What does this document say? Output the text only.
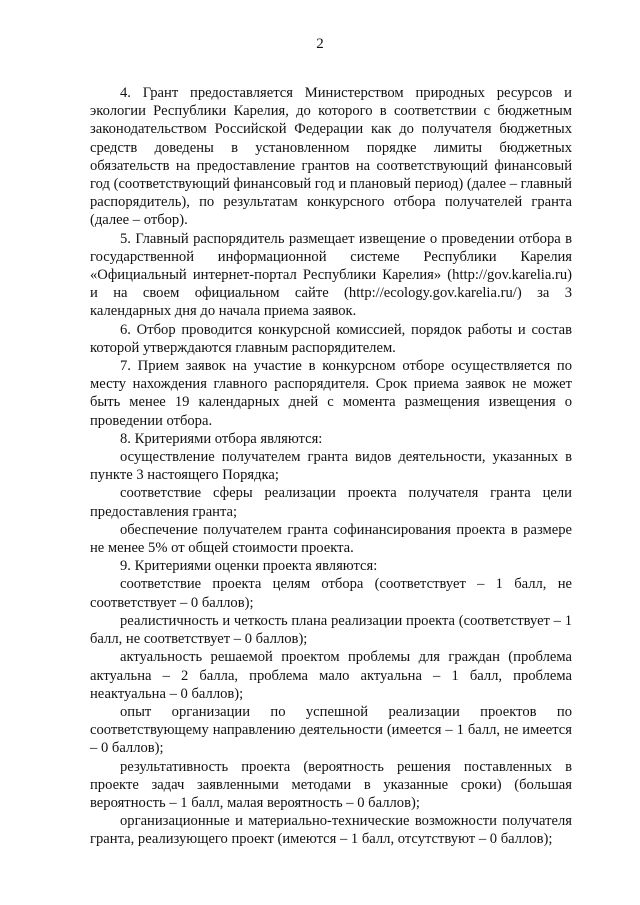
2

4. Грант предоставляется Министерством природных ресурсов и экологии Республики Карелия, до которого в соответствии с бюджетным законодательством Российской Федерации как до получателя бюджетных средств доведены в установленном порядке лимиты бюджетных обязательств на предоставление грантов на соответствующий финансовый год (соответствующий финансовый год и плановый период) (далее – главный распорядитель), по результатам конкурсного отбора получателей гранта (далее – отбор).

5. Главный распорядитель размещает извещение о проведении отбора в государственной информационной системе Республики Карелия «Официальный интернет-портал Республики Карелия» (http://gov.karelia.ru) и на своем официальном сайте (http://ecology.gov.karelia.ru/) за 3 календарных дня до начала приема заявок.

6. Отбор проводится конкурсной комиссией, порядок работы и состав которой утверждаются главным распорядителем.

7. Прием заявок на участие в конкурсном отборе осуществляется по месту нахождения главного распорядителя. Срок приема заявок не может быть менее 19 календарных дней с момента размещения извещения о проведении отбора.

8. Критериями отбора являются:

осуществление получателем гранта видов деятельности, указанных в пункте 3 настоящего Порядка;

соответствие сферы реализации проекта получателя гранта цели предоставления гранта;

обеспечение получателем гранта софинансирования проекта в размере не менее 5% от общей стоимости проекта.

9. Критериями оценки проекта являются:

соответствие проекта целям отбора (соответствует – 1 балл, не соответствует – 0 баллов);

реалистичность и четкость плана реализации проекта (соответствует – 1 балл, не соответствует – 0 баллов);

актуальность решаемой проектом проблемы для граждан (проблема актуальна – 2 балла, проблема мало актуальна – 1 балл, проблема неактуальна – 0 баллов);

опыт организации по успешной реализации проектов по соответствующему направлению деятельности (имеется – 1 балл, не имеется – 0 баллов);

результативность проекта (вероятность решения поставленных в проекте задач заявленными методами в указанные сроки) (большая вероятность – 1 балл, малая вероятность – 0 баллов);

организационные и материально-технические возможности получателя гранта, реализующего проект (имеются – 1 балл, отсутствуют – 0 баллов);
